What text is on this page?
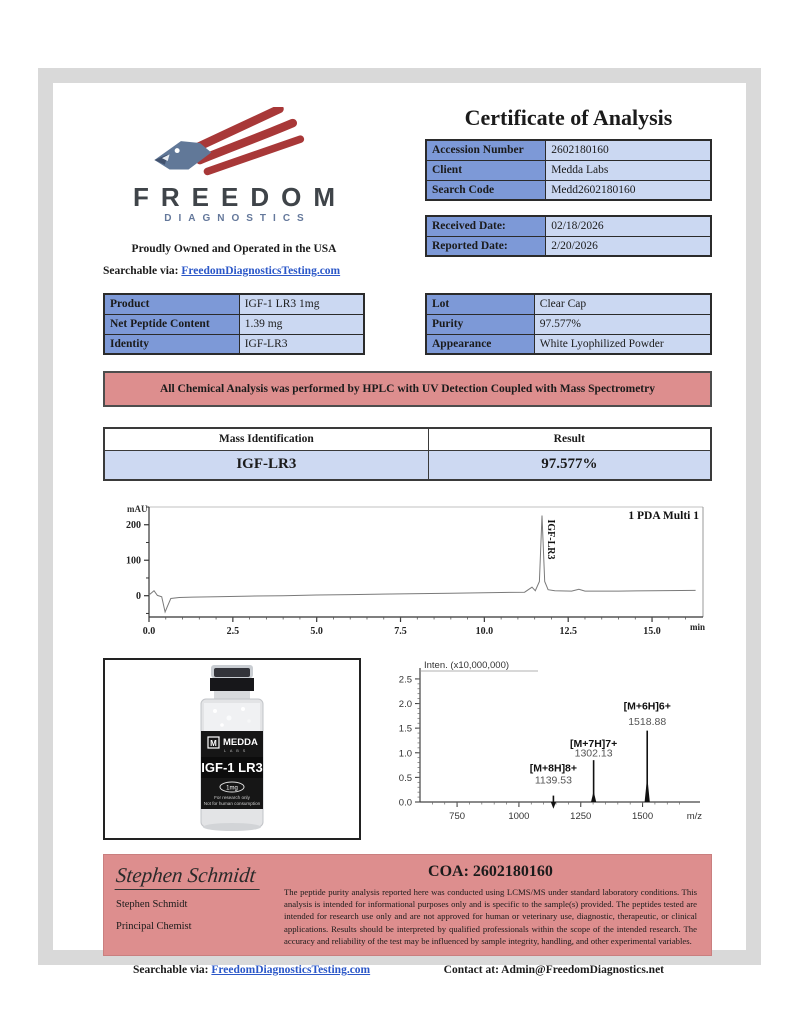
FREEDOM
DIAGNOSTICS
Proudly Owned and Operated in the USA
Searchable via: FreedomDiagnosticsTesting.com
Product	IGF-1 LR3 1mg
Net Peptide Content	1.39 mg
Identity	IGF-LR3
Certificate of Analysis
Accession Number	2602180160
Client	Medda Labs
Search Code	Medd2602180160
Received Date:	02/18/2026
Reported Date:	2/20/2026
Lot	Clear Cap
Purity	97.577%
Appearance	White Lyophilized Powder
All Chemical Analysis was performed by HPLC with UV Detection Coupled with Mass Spectrometry
Mass Identification	Result
IGF-LR3	97.577%
0
100
200
0.0	2.5	5.0	7.5	10.0	12.5	15.0	min
mAU
1 PDA Multi 1
IGF-LR3
M MEDDA
L A B S
IGF-1 LR3
1mg
For research only
Not for human consumption	0.0
0.5
1.0
1.5
2.0
2.5
750	1000	1250	1500	m/z
Inten. (x10,000,000)
[M+8H]8+
1139.53
[M+7H]7+
1302.13
[M+6H]6+
1518.88
Stephen Schmidt
Stephen Schmidt
Principal Chemist
COA: 2602180160
The peptide purity analysis reported here was conducted using LCMS/MS under standard laboratory conditions. This analysis is intended for informational purposes only and is specific to the sample(s) provided. The peptides tested are intended for research use only and are not approved for human or veterinary use, diagnostic, therapeutic, or clinical applications. Results should be interpreted by qualified professionals within the scope of the intended research. The accuracy and reliability of the test may be influenced by sample integrity, handling, and other experimental variables.
Searchable via: FreedomDiagnosticsTesting.com	Contact at: Admin@FreedomDiagnostics.net
